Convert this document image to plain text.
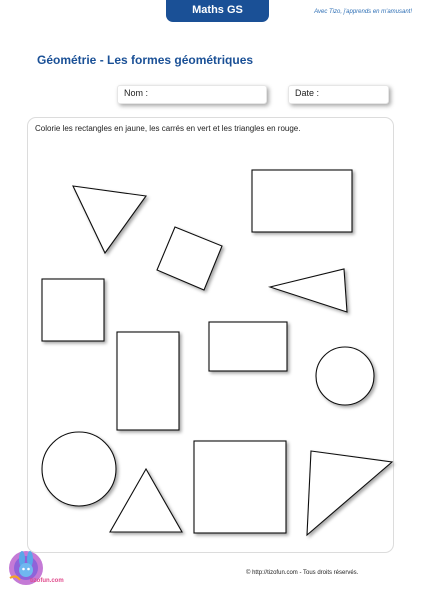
Maths GS	Avec Tizo, j'apprends en m'amusant!
Géométrie - Les formes géométriques
Nom :	Date :
Colorie les rectangles en jaune, les carrés en vert et les triangles en rouge.
tizofun.com
© http://tizofun.com - Tous droits réservés.
